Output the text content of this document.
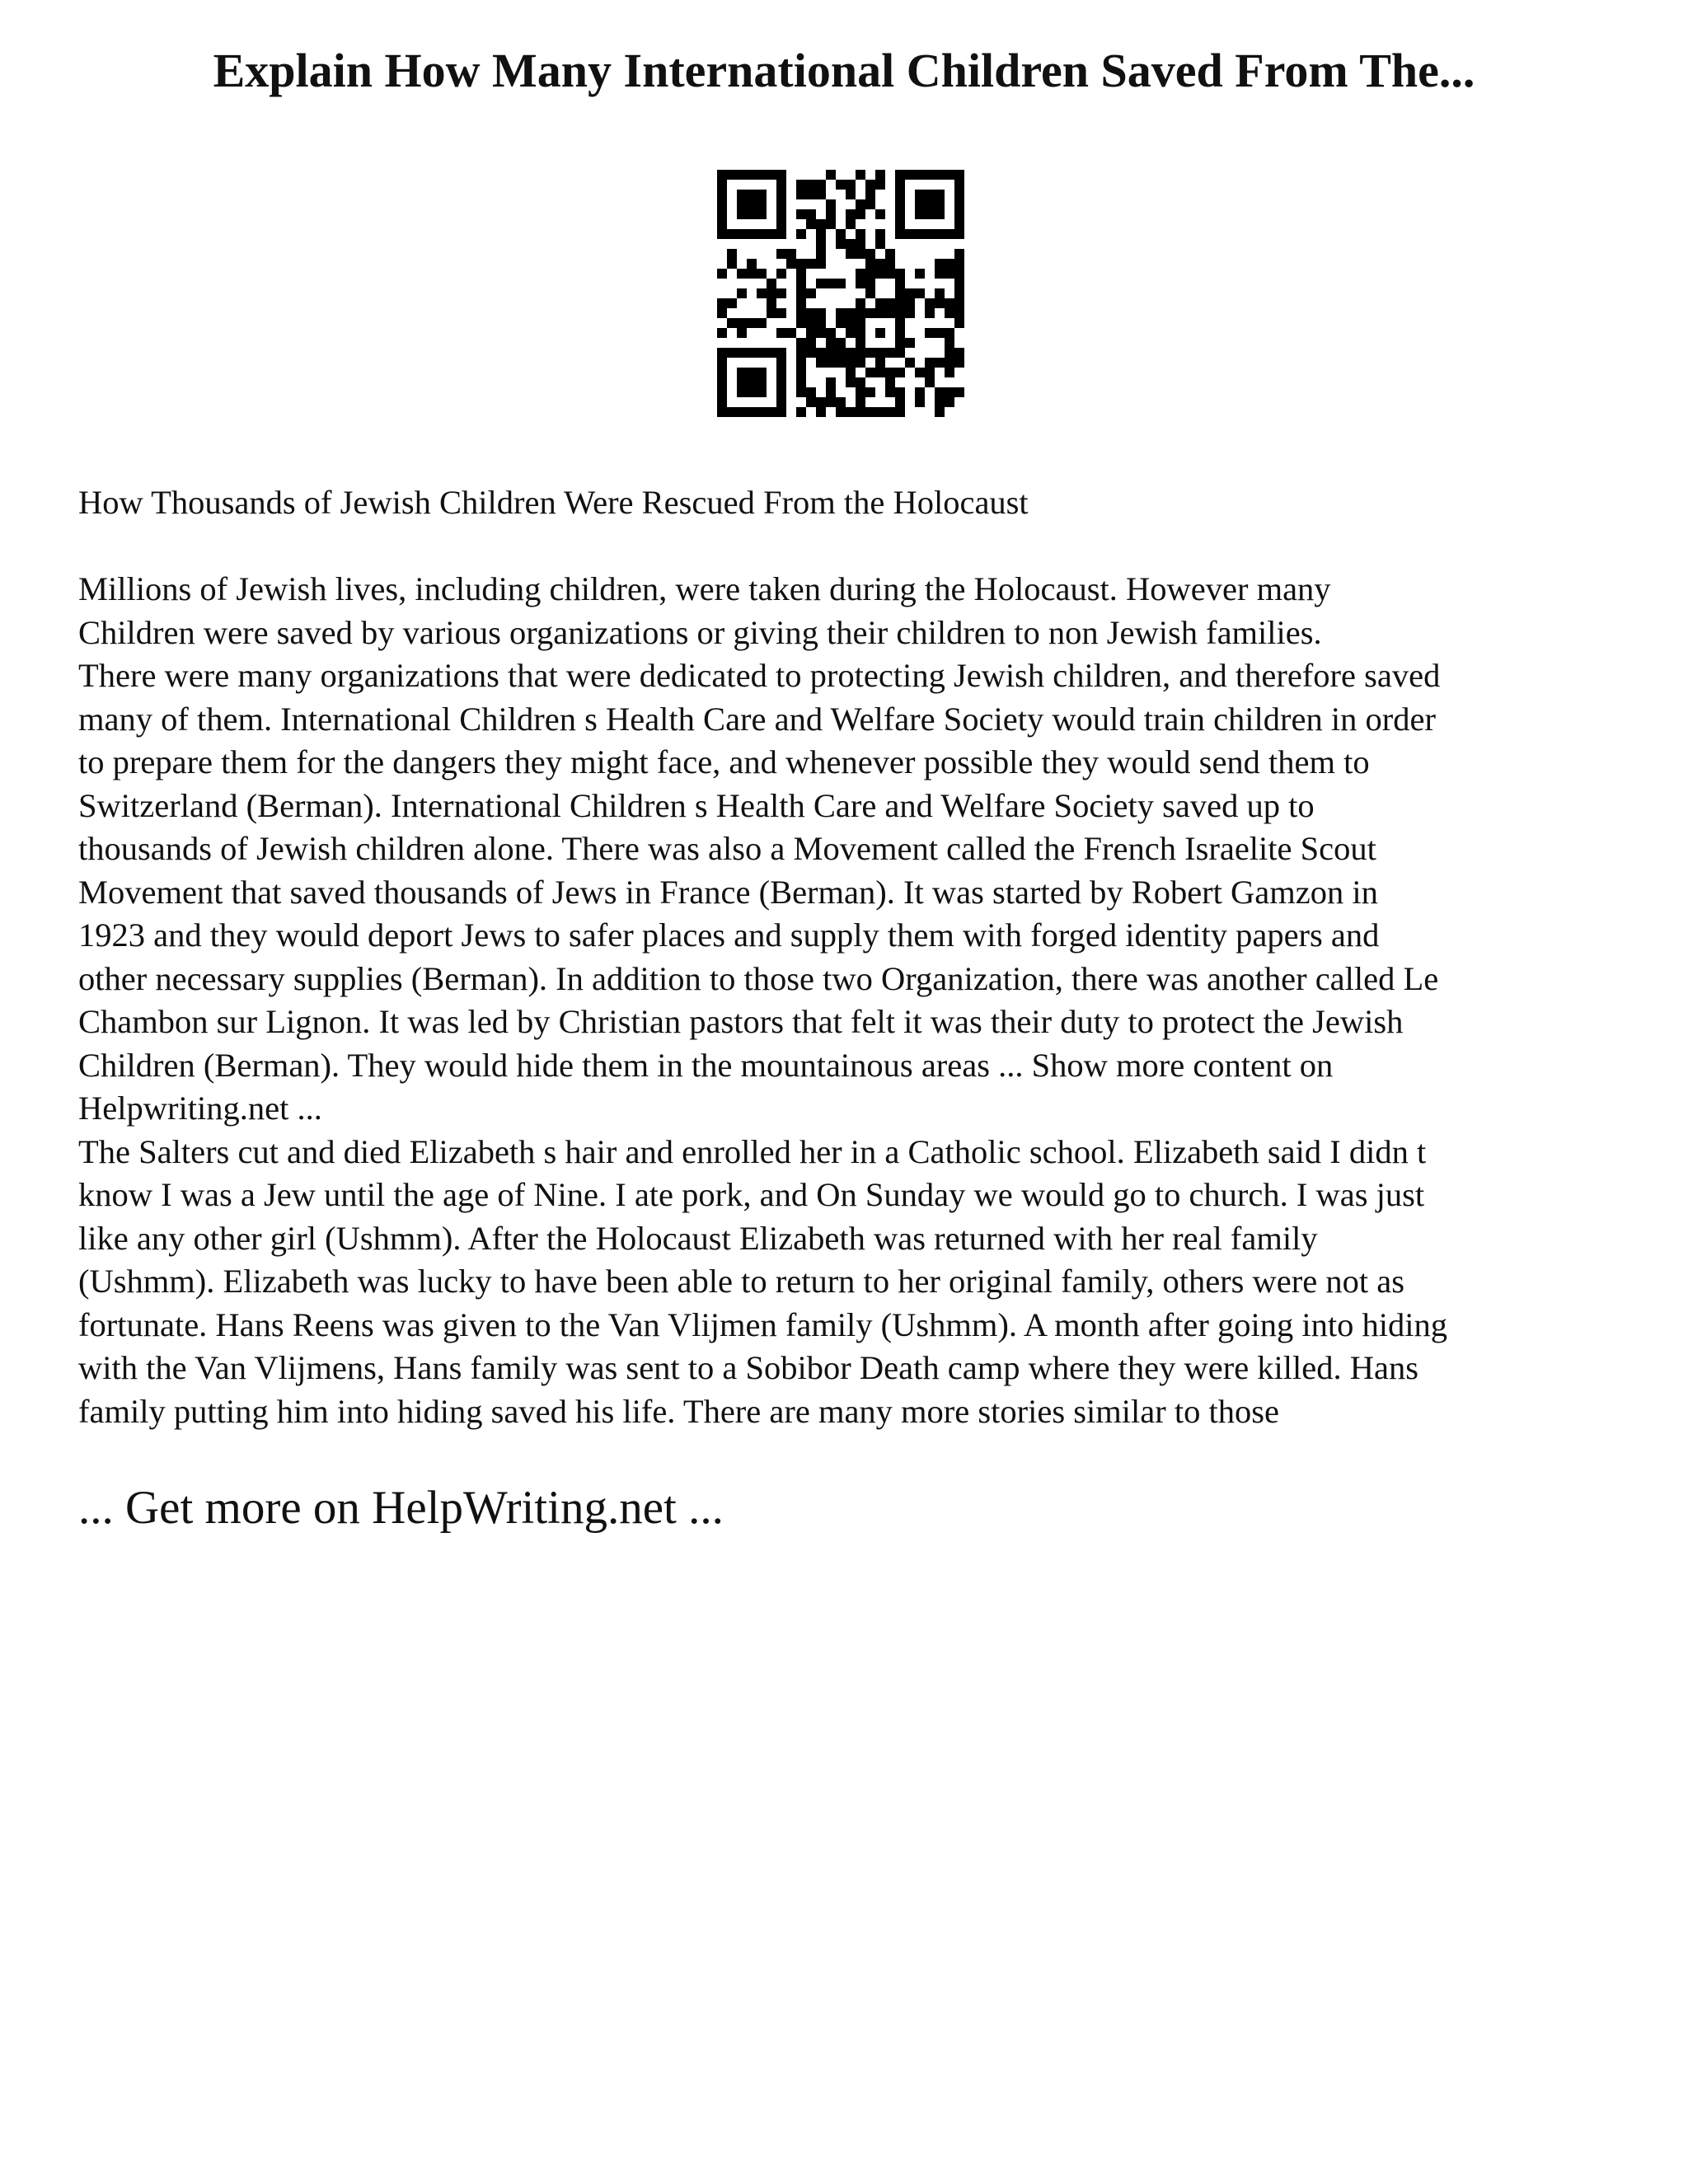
Explain How Many International Children Saved From The...

How Thousands of Jewish Children Were Rescued From the Holocaust

Millions of Jewish lives, including children, were taken during the Holocaust. However many
Children were saved by various organizations or giving their children to non Jewish families.
There were many organizations that were dedicated to protecting Jewish children, and therefore saved
many of them. International Children s Health Care and Welfare Society would train children in order
to prepare them for the dangers they might face, and whenever possible they would send them to
Switzerland (Berman). International Children s Health Care and Welfare Society saved up to
thousands of Jewish children alone. There was also a Movement called the French Israelite Scout
Movement that saved thousands of Jews in France (Berman). It was started by Robert Gamzon in
1923 and they would deport Jews to safer places and supply them with forged identity papers and
other necessary supplies (Berman). In addition to those two Organization, there was another called Le
Chambon sur Lignon. It was led by Christian pastors that felt it was their duty to protect the Jewish
Children (Berman). They would hide them in the mountainous areas ... Show more content on
Helpwriting.net ...
The Salters cut and died Elizabeth s hair and enrolled her in a Catholic school. Elizabeth said I didn t
know I was a Jew until the age of Nine. I ate pork, and On Sunday we would go to church. I was just
like any other girl (Ushmm). After the Holocaust Elizabeth was returned with her real family
(Ushmm). Elizabeth was lucky to have been able to return to her original family, others were not as
fortunate. Hans Reens was given to the Van Vlijmen family (Ushmm). A month after going into hiding
with the Van Vlijmens, Hans family was sent to a Sobibor Death camp where they were killed. Hans
family putting him into hiding saved his life. There are many more stories similar to those

... Get more on HelpWriting.net ...
